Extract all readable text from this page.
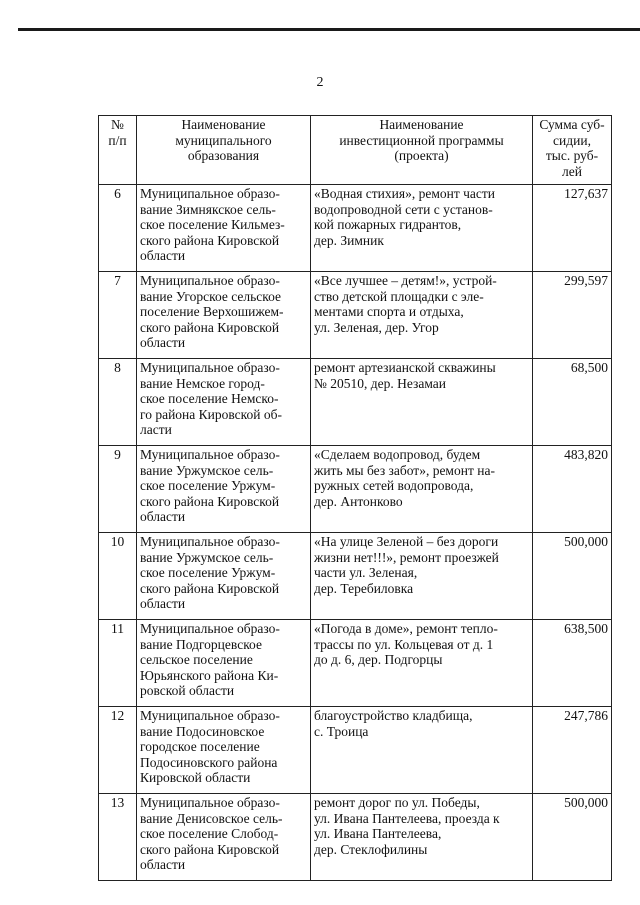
2
№
п/п	Наименование
муниципального
образования	Наименование
инвестиционной программы
(проекта)	Сумма суб-
сидии,
тыс. руб-
лей
6	Муниципальное образо-
вание Зимнякское сель-
ское поселение Кильмез-
ского района Кировской
области	«Водная стихия», ремонт части
водопроводной сети с установ-
кой пожарных гидрантов,
дер. Зимник	127,637
7	Муниципальное образо-
вание Угорское сельское
поселение Верхошижем-
ского района Кировской
области	«Все лучшее – детям!», устрой-
ство детской площадки с эле-
ментами спорта и отдыха,
ул. Зеленая, дер. Угор	299,597
8	Муниципальное образо-
вание Немское город-
ское поселение Немско-
го района Кировской об-
ласти	ремонт артезианской скважины
№ 20510, дер. Незамаи	68,500
9	Муниципальное образо-
вание Уржумское сель-
ское поселение Уржум-
ского района Кировской
области	«Сделаем водопровод, будем
жить мы без забот», ремонт на-
ружных сетей водопровода,
дер. Антонково	483,820
10	Муниципальное образо-
вание Уржумское сель-
ское поселение Уржум-
ского района Кировской
области	«На улице Зеленой – без дороги
жизни нет!!!», ремонт проезжей
части ул. Зеленая,
дер. Теребиловка	500,000
11	Муниципальное образо-
вание Подгорцевское
сельское поселение
Юрьянского района Ки-
ровской области	«Погода в доме», ремонт тепло-
трассы по ул. Кольцевая от д. 1
до д. 6, дер. Подгорцы	638,500
12	Муниципальное образо-
вание Подосиновское
городское поселение
Подосиновского района
Кировской области	благоустройство кладбища,
с. Троица	247,786
13	Муниципальное образо-
вание Денисовское сель-
ское поселение Слобод-
ского района Кировской
области	ремонт дорог по ул. Победы,
ул. Ивана Пантелеева, проезда к
ул. Ивана Пантелеева,
дер. Стеклофилины	500,000
